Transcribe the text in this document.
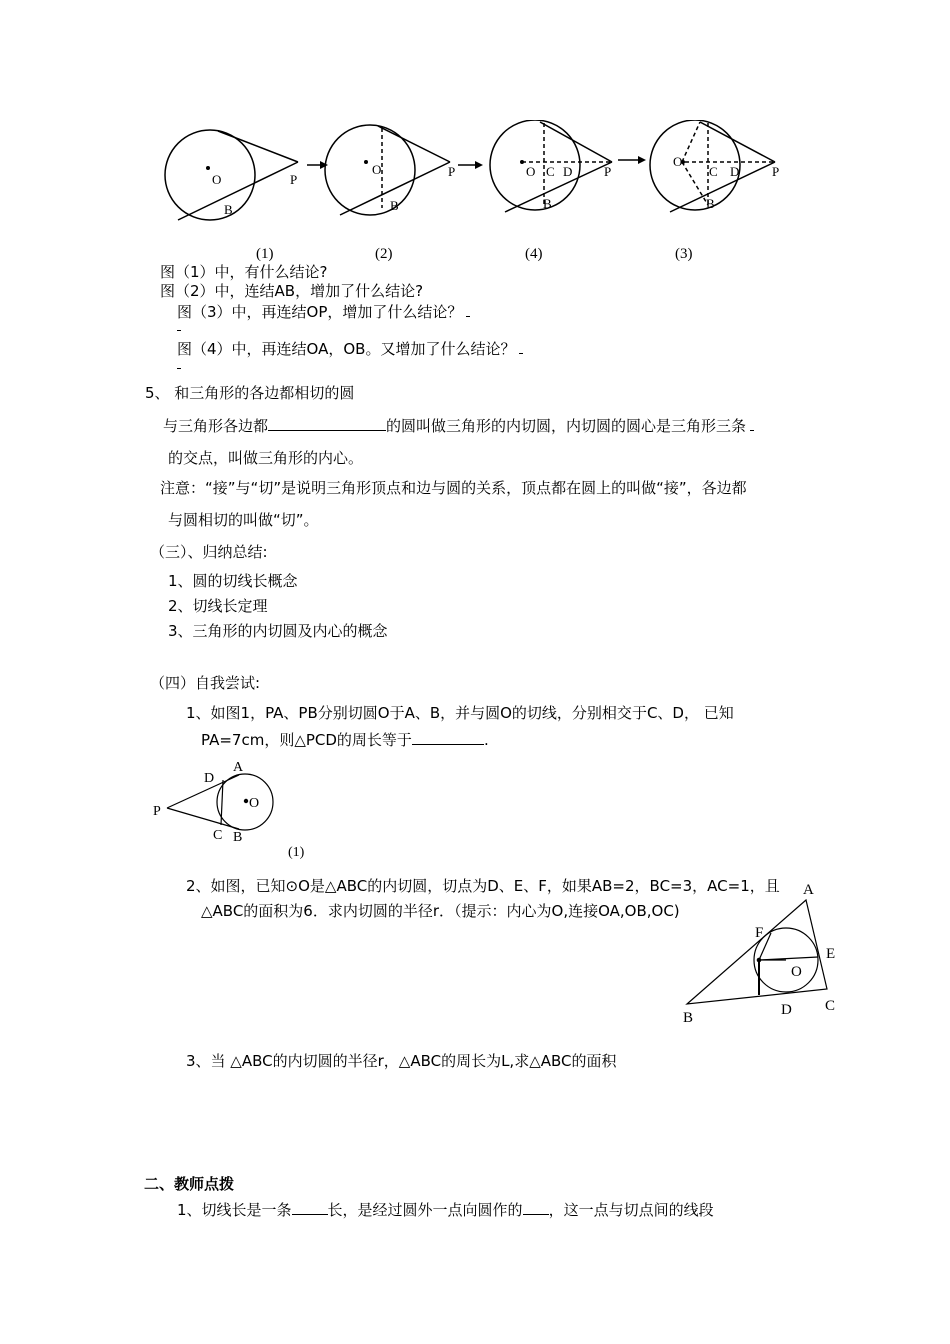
O	P
B
O	P
B
O C D P
B
O
C D	P
B
(1)	(2)	(4)	(3)
图（1）中，有什么结论?
图（2）中，连结AB，增加了什么结论?
图（3）中，再连结OP，增加了什么结论？
图（4）中，再连结OA，OB。又增加了什么结论？
5、 和三角形的各边都相切的圆
与三角形各边都	的圆叫做三角形的内切圆，内切圆的圆心是三角形三条
的交点，叫做三角形的内心。
注意：“接”与“切”是说明三角形顶点和边与圆的关系，顶点都在圆上的叫做“接”，各边都
与圆相切的叫做“切”。
（三）、归纳总结:
1、圆的切线长概念
2、切线长定理
3、三角形的内切圆及内心的概念
（四）自我尝试:
1、如图1，PA、PB分别切圆O于A、B，并与圆O的切线，分别相交于C、D， 已知
PA=7cm，则△PCD的周长等于	.
P
A
D
O
C B
(1)
2、如图，已知⊙O是△ABC的内切圆，切点为D、E、F，如果AB=2，BC=3，AC=1，且
△ABC的面积为6．求内切圆的半径r．（提示：内心为O,连接OA,OB,OC)
A
F
E
O
B	D C
3、当 △ABC的内切圆的半径r，△ABC的周长为L,求△ABC的面积
二、教师点拨
1、切线长是一条 长，是经过圆外一点向圆作的 ，这一点与切点间的线段
